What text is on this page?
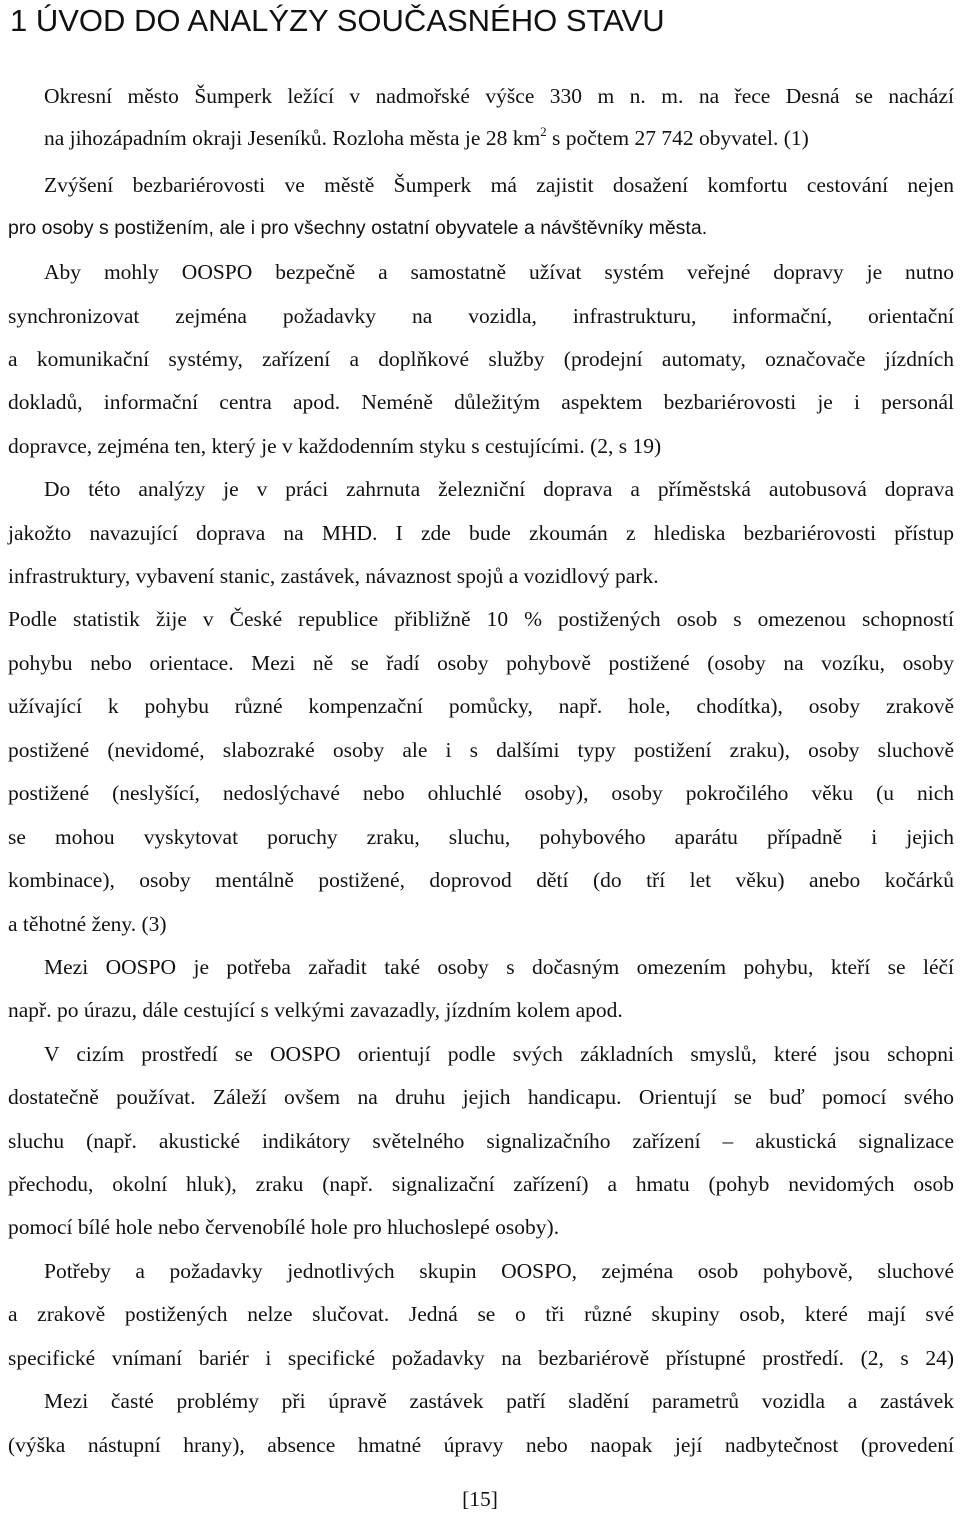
1 ÚVOD DO ANALÝZY SOUČASNÉHO STAVU
Okresní město Šumperk ležící v nadmořské výšce 330 m n. m. na řece Desná se nachází
na jihozápadním okraji Jeseníků. Rozloha města je 28 $km^2$ s počtem 27 742 obyvatel. (1)
Zvýšení bezbariérovosti ve městě Šumperk má zajistit dosažení komfortu cestování nejen
pro osoby s postižením, ale i pro všechny ostatní obyvatele a návštěvníky města.
Aby mohly OOSPO bezpečně a samostatně užívat systém veřejné dopravy je nutno
synchronizovat zejména požadavky na vozidla, infrastrukturu, informační, orientační
a komunikační systémy, zařízení a doplňkové služby (prodejní automaty, označovače jízdních
dokladů, informační centra apod. Neméně důležitým aspektem bezbariérovosti je i personál
dopravce, zejména ten, který je v každodenním styku s cestujícími. (2, s 19)
Do této analýzy je v práci zahrnuta železniční doprava a příměstská autobusová doprava
jakožto navazující doprava na MHD. I zde bude zkoumán z hlediska bezbariérovosti přístup
infrastruktury, vybavení stanic, zastávek, návaznost spojů a vozidlový park.
Podle statistik žije v České republice přibližně 10 % postižených osob s omezenou schopností
pohybu nebo orientace. Mezi ně se řadí osoby pohybově postižené (osoby na vozíku, osoby
užívající k pohybu různé kompenzační pomůcky, např. hole, chodítka), osoby zrakově
postižené (nevidomé, slabozraké osoby ale i s dalšími typy postižení zraku), osoby sluchově
postižené (neslyšící, nedoslýchavé nebo ohluchlé osoby), osoby pokročilého věku (u nich
se mohou vyskytovat poruchy zraku, sluchu, pohybového aparátu případně i jejich
kombinace), osoby mentálně postižené, doprovod dětí (do tří let věku) anebo kočárků
a těhotné ženy. (3)
Mezi OOSPO je potřeba zařadit také osoby s dočasným omezením pohybu, kteří se léčí
např. po úrazu, dále cestující s velkými zavazadly, jízdním kolem apod.
V cizím prostředí se OOSPO orientují podle svých základních smyslů, které jsou schopni
dostatečně používat. Záleží ovšem na druhu jejich handicapu. Orientují se buď pomocí svého
sluchu (např. akustické indikátory světelného signalizačního zařízení – akustická signalizace
přechodu, okolní hluk), zraku (např. signalizační zařízení) a hmatu (pohyb nevidomých osob
pomocí bílé hole nebo červenobílé hole pro hluchoslepé osoby).
Potřeby a požadavky jednotlivých skupin OOSPO, zejména osob pohybově, sluchové
a zrakově postižených nelze slučovat. Jedná se o tři různé skupiny osob, které mají své
specifické vnímaní bariér i specifické požadavky na bezbariérově přístupné prostředí. (2, s 24)
Mezi časté problémy při úpravě zastávek patří sladění parametrů vozidla a zastávek
(výška nástupní hrany), absence hmatné úpravy nebo naopak její nadbytečnost (provedení
[15]
